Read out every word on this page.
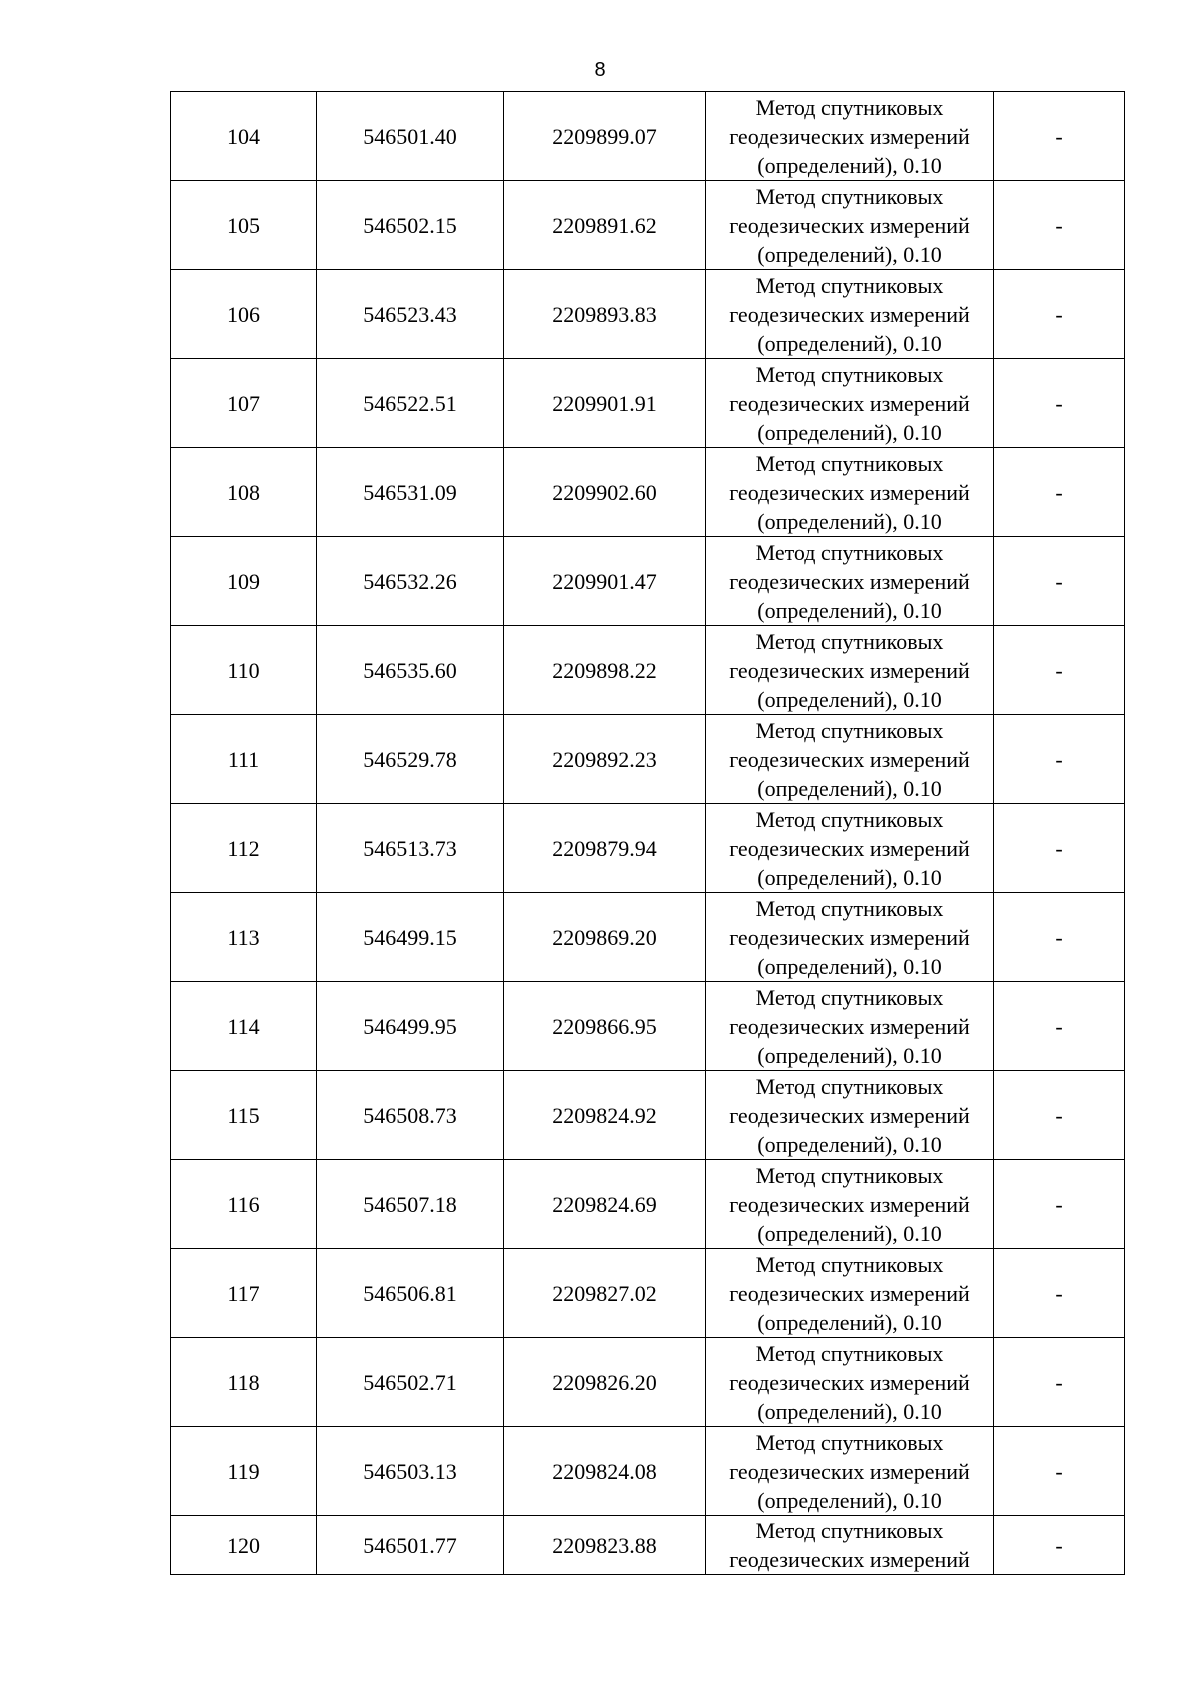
8
104	546501.40	2209899.07	Метод спутниковых
геодезических измерений
(определений), 0.10	-
105	546502.15	2209891.62	Метод спутниковых
геодезических измерений
(определений), 0.10	-
106	546523.43	2209893.83	Метод спутниковых
геодезических измерений
(определений), 0.10	-
107	546522.51	2209901.91	Метод спутниковых
геодезических измерений
(определений), 0.10	-
108	546531.09	2209902.60	Метод спутниковых
геодезических измерений
(определений), 0.10	-
109	546532.26	2209901.47	Метод спутниковых
геодезических измерений
(определений), 0.10	-
110	546535.60	2209898.22	Метод спутниковых
геодезических измерений
(определений), 0.10	-
111	546529.78	2209892.23	Метод спутниковых
геодезических измерений
(определений), 0.10	-
112	546513.73	2209879.94	Метод спутниковых
геодезических измерений
(определений), 0.10	-
113	546499.15	2209869.20	Метод спутниковых
геодезических измерений
(определений), 0.10	-
114	546499.95	2209866.95	Метод спутниковых
геодезических измерений
(определений), 0.10	-
115	546508.73	2209824.92	Метод спутниковых
геодезических измерений
(определений), 0.10	-
116	546507.18	2209824.69	Метод спутниковых
геодезических измерений
(определений), 0.10	-
117	546506.81	2209827.02	Метод спутниковых
геодезических измерений
(определений), 0.10	-
118	546502.71	2209826.20	Метод спутниковых
геодезических измерений
(определений), 0.10	-
119	546503.13	2209824.08	Метод спутниковых
геодезических измерений
(определений), 0.10	-
120	546501.77	2209823.88	Метод спутниковых
геодезических измерений	-
